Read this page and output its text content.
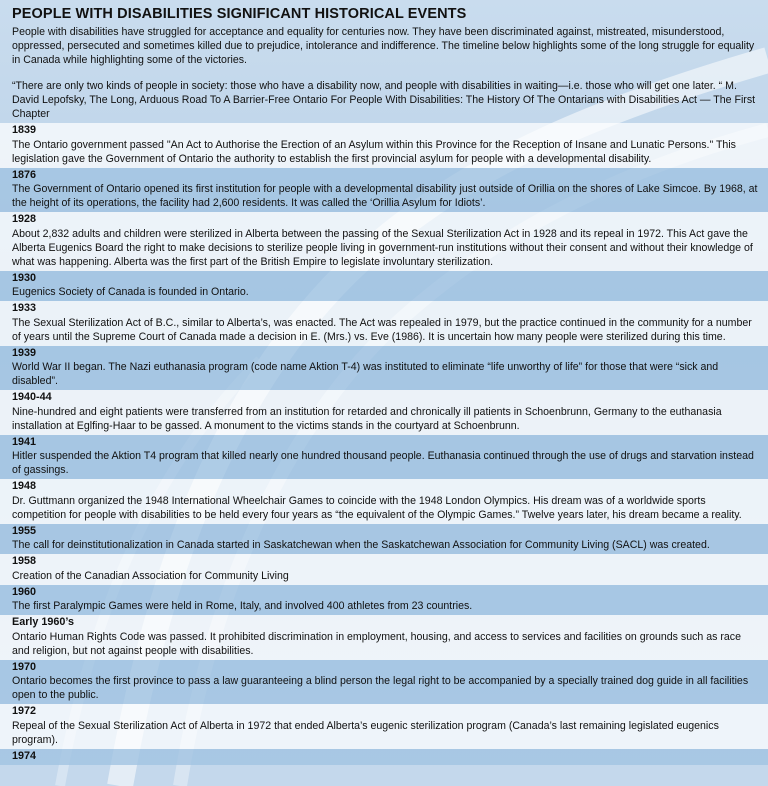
PEOPLE WITH DISABILITIES SIGNIFICANT HISTORICAL EVENTS
People with disabilities have struggled for acceptance and equality for centuries now. They have been discriminated against, mistreated, misunderstood, oppressed, persecuted and sometimes killed due to prejudice, intolerance and indifference. The timeline below highlights some of the long struggle for equality in Canada while highlighting some of the victories.
“There are only two kinds of people in society: those who have a disability now, and people with disabilities in waiting—i.e. those who will get one later. “ M. David Lepofsky, The Long, Arduous Road To A Barrier-Free Ontario For People With Disabilities: The History Of The Ontarians with Disabilities Act — The First Chapter
1839
The Ontario government passed "An Act to Authorise the Erection of an Asylum within this Province for the Reception of Insane and Lunatic Persons." This legislation gave the Government of Ontario the authority to establish the first provincial asylum for people with a developmental disability.
1876
The Government of Ontario opened its first institution for people with a developmental disability just outside of Orillia on the shores of Lake Simcoe. By 1968, at the height of its operations, the facility had 2,600 residents. It was called the ‘Orillia Asylum for Idiots’.
1928
About 2,832 adults and children were sterilized in Alberta between the passing of the Sexual Sterilization Act in 1928 and its repeal in 1972. This Act gave the Alberta Eugenics Board the right to make decisions to sterilize people living in government-run institutions without their consent and without their knowledge of what was happening. Alberta was the first part of the British Empire to legislate involuntary sterilization.
1930
Eugenics Society of Canada is founded in Ontario.
1933
The Sexual Sterilization Act of B.C., similar to Alberta’s, was enacted. The Act was repealed in 1979, but the practice continued in the community for a number of years until the Supreme Court of Canada made a decision in E. (Mrs.) vs. Eve (1986). It is uncertain how many people were sterilized during this time.
1939
World War II began. The Nazi euthanasia program (code name Aktion T-4) was instituted to eliminate “life unworthy of life” for those that were “sick and disabled”.
1940-44
Nine-hundred and eight patients were transferred from an institution for retarded and chronically ill patients in Schoenbrunn, Germany to the euthanasia installation at Eglfing-Haar to be gassed. A monument to the victims stands in the courtyard at Schoenbrunn.
1941
Hitler suspended the Aktion T4 program that killed nearly one hundred thousand people. Euthanasia continued through the use of drugs and starvation instead of gassings.
1948
Dr. Guttmann organized the 1948 International Wheelchair Games to coincide with the 1948 London Olympics. His dream was of a worldwide sports competition for people with disabilities to be held every four years as “the equivalent of the Olympic Games.” Twelve years later, his dream became a reality.
1955
The call for deinstitutionalization in Canada started in Saskatchewan when the Saskatchewan Association for Community Living (SACL) was created.
1958
Creation of the Canadian Association for Community Living
1960
The first Paralympic Games were held in Rome, Italy, and involved 400 athletes from 23 countries.
Early 1960’s
Ontario Human Rights Code was passed. It prohibited discrimination in employment, housing, and access to services and facilities on grounds such as race and religion, but not against people with disabilities.
1970
Ontario becomes the first province to pass a law guaranteeing a blind person the legal right to be accompanied by a specially trained dog guide in all facilities open to the public.
1972
Repeal of the Sexual Sterilization Act of Alberta in 1972 that ended Alberta’s eugenic sterilization program (Canada’s last remaining legislated eugenics program).
1974
